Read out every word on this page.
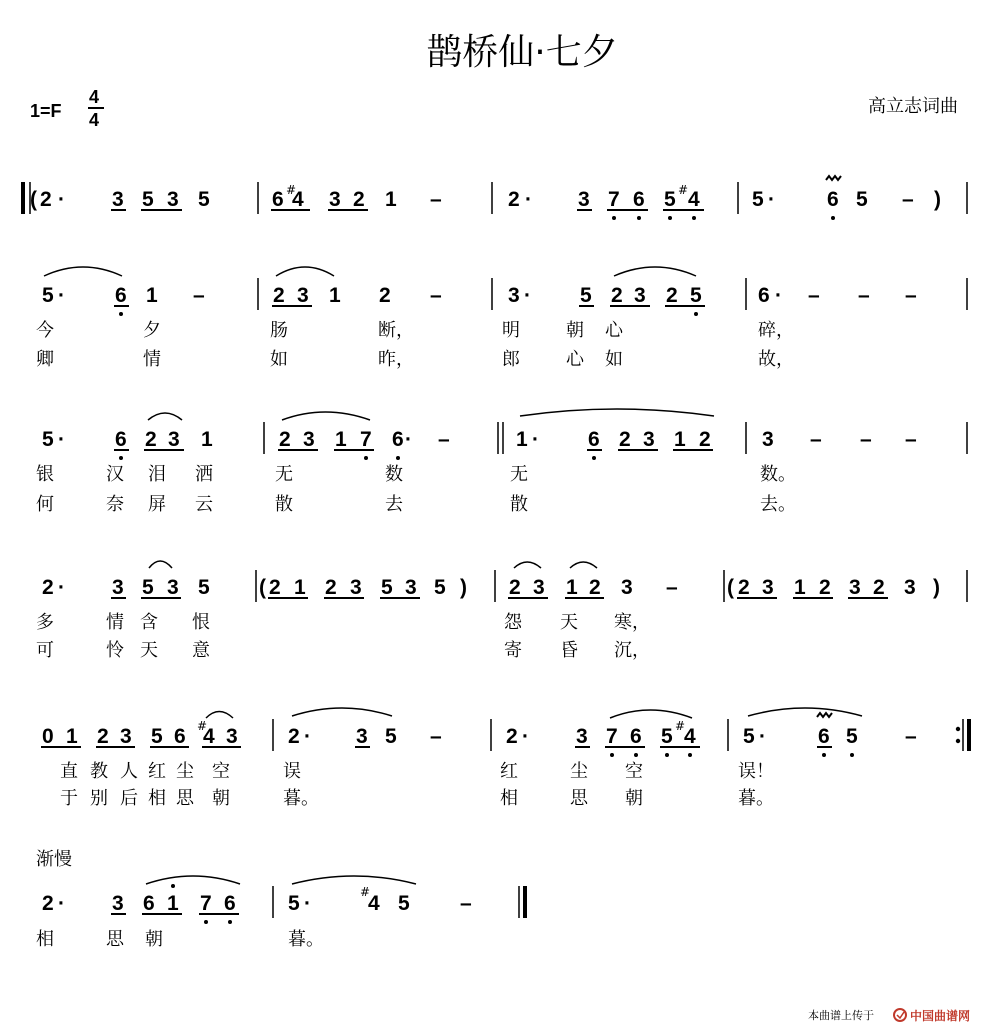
鹊桥仙·七夕
1=F
4
4
高立志词曲
( 2 · 3 5 3 5	6 #
4 3 2 1 –	2 · 3 7 6 5 # 4 5 · 6 5 – )
5 · 6 1 –	2 3 1 2 –	3 · 5 2 3 2 5	6 · – – –
今	夕	肠	断，	明	朝 心	碎，
卿	情	如	昨，	郎	心 如	故，
5 · 6 2 3 1	2 3 1 7 6 · –	1 · 6 2 3 1 2 3 – – –
银	汉 泪 洒	无	数	无	数。
何	奈 屏 云	散	去	散	去。
2 · 3 5 3 5 ( 2 1 2 3 5 3 5 ) 2 3 1 2 3 – ( 2 3 1 2 3 2 3 )
多	情 含 恨	怨 天 寒，
可	怜 天 意	寄 昏 沉，
0 1 2 3 5 6 #
4 3 2 · 3 5 –	2 · 3 7 6 5 #
4 5 · 6 5 –
直 教 人 红 尘 空	误	红	尘 空	误！
于 别 后 相 思 朝	暮。	相	思 朝	暮。
渐慢
2 · 3 6 1 7 6 5 ·	#
4 5 –
相	思 朝	暮。
本曲谱上传于	中国曲谱网
